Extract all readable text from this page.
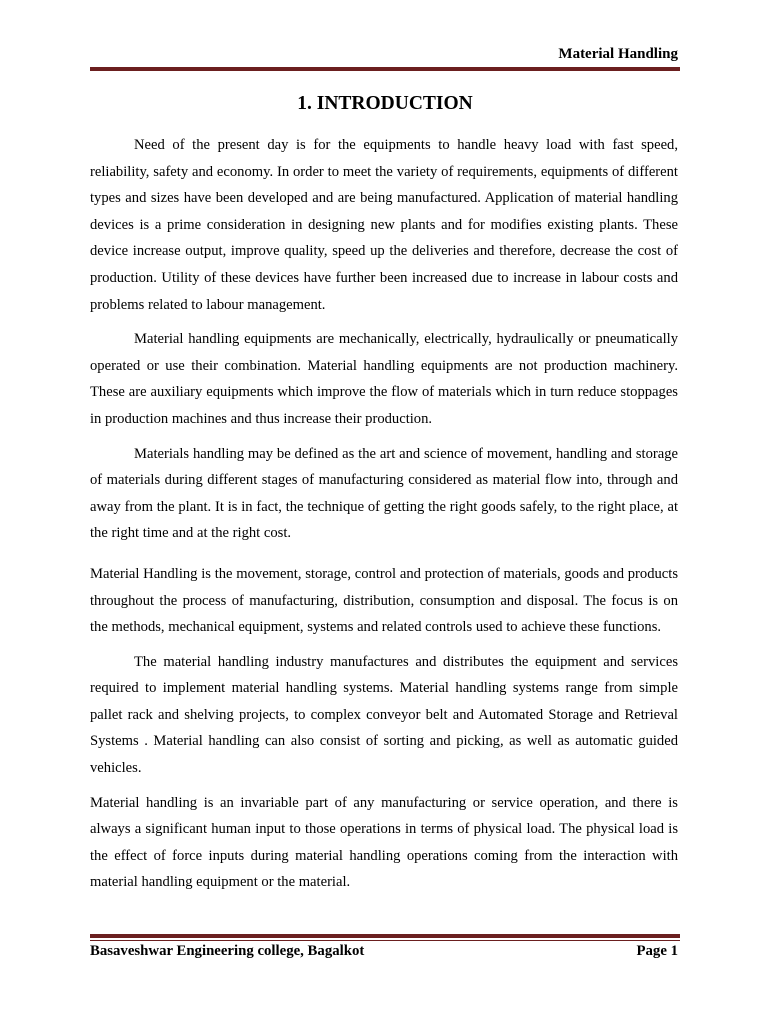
Material Handling
1. INTRODUCTION

Need of the present day is for the equipments to handle heavy load with fast speed, reliability, safety and economy. In order to meet the variety of requirements, equipments of different types and sizes have been developed and are being manufactured. Application of material handling devices is a prime consideration in designing new plants and for modifies existing plants. These device increase output, improve quality, speed up the deliveries and therefore, decrease the cost of production. Utility of these devices have further been increased due to increase in labour costs and problems related to labour management.

Material handling equipments are mechanically, electrically, hydraulically or pneumatically operated or use their combination. Material handling equipments are not production machinery. These are auxiliary equipments which improve the flow of materials which in turn reduce stoppages in production machines and thus increase their production.

Materials handling may be defined as the art and science of movement, handling and storage of materials during different stages of manufacturing considered as material flow into, through and away from the plant. It is in fact, the technique of getting the right goods safely, to the right place, at the right time and at the right cost.

Material Handling is the movement, storage, control and protection of materials, goods and products throughout the process of manufacturing, distribution, consumption and disposal. The focus is on the methods, mechanical equipment, systems and related controls used to achieve these functions.

The material handling industry manufactures and distributes the equipment and services required to implement material handling systems. Material handling systems range from simple pallet rack and shelving projects, to complex conveyor belt and Automated Storage and Retrieval Systems . Material handling can also consist of sorting and picking, as well as automatic guided vehicles.

Material handling is an invariable part of any manufacturing or service operation, and there is always a significant human input to those operations in terms of physical load. The physical load is the effect of force inputs during material handling operations coming from the interaction with material handling equipment or the material.

Basaveshwar Engineering college, Bagalkot	Page 1
